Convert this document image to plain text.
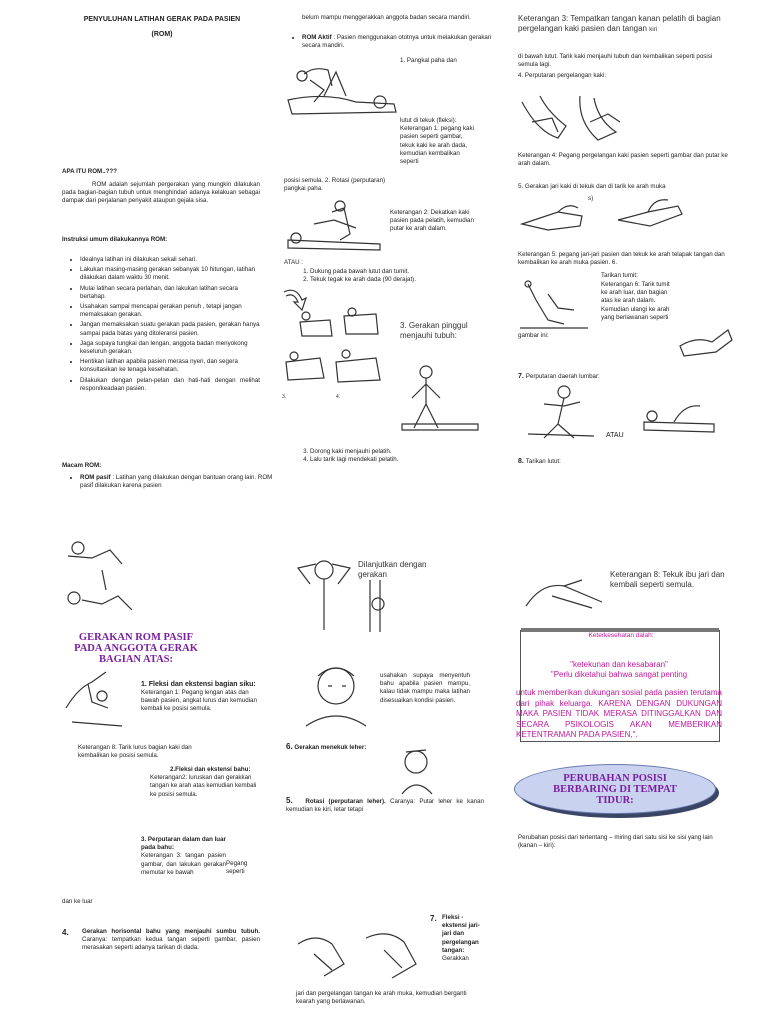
PENYULUHAN LATIHAN GERAK PADA PASIEN
(ROM)
APA ITU ROM..???
ROM adalah sejumlah pergerakan yang mungkin dilakukan pada bagian-bagian tubuh untuk menghindari adanya kelakuan sebagai dampak dari perjalanan penyakit ataupun gejala sisa.
Instruksi umum dilakukannya ROM:
• Idealnya latihan ini dilakukan sekali sehari.
• Lakukan masing-masing gerakan sebanyak 10 hitungan, latihan dilakukan dalam waktu 30 menit.
• Mulai latihan secara perlahan, dan lakukan latihan secara bertahap.
• Usahakan sampai mencapai gerakan penuh , tetapi jangan memaksakan gerakan.
• Jangan memaksakan suatu gerakan pada pasien, gerakan hanya sampai pada batas yang ditoleransi pasien.
• Jaga supaya tungkai dan lengan, anggota badan menyokong keseluruh gerakan.
• Hentikan latihan apabila pasien merasa nyeri, dan segera konsultasikan ke tenaga kesehatan.
• Dilakukan dengan pelan-pelan dan hati-hati dengan melihat respon/keadaan pasien.
Macam ROM:
• ROM pasif : Latihan yang dilakukan dengan bantuan orang lain. ROM pasif dilakukan karena pasien
belum mampu menggerakkan anggota badan secara mandiri.
• ROM Aktif : Pasien menggunakan ototnya untuk melakukan gerakan secara mandiri.
1. Pangkal paha dan
lutut di tekuk (fleksi): Keterangan 1: pegang kaki pasien seperti gambar, tekuk kaki ke arah dada, kemudian kembalikan seperti
posisi semula. 2. Rotasi (perputaran) pangkai paha.
Keterangan 2: Dekatkan kaki pasien pada pelatih, kemudian putar ke arah dalam.
ATAU :
1. Dukung pada bawah lutut dan tumit.
2. Tekuk tegak ke arah dada (90 derajat).
3.	4.
3. Gerakan pinggul menjauhi tubuh:
3. Dorong kaki menjauhi pelatih.
4. Lalu tarik lagi mendekati pelatih.
Keterangan 3: Tempatkan tangan kanan pelatih di bagian pergelangan kaki pasien dan tangan kiri
di bawah lutut. Tarik kaki menjauhi tubuh dan kembalikan seperti posisi semula lagi.
4. Perputaran pergelangan kaki:
Keterangan 4: Pegang pergelangan kaki pasien seperti gambar dan putar ke arah dalam.
5. Gerakan jari kaki di tekuk dan di tarik ke arah muka
s)
Keterangan 5: pegang jari-jari pasien dan tekuk ke arah telapak tangan dan kembalikan ke arah muka pasien. 6.
Tarikan tumit:
Keterangan 6: Tarik tumit ke arah luar, dan bagian atas ke arah dalam. Kemudian ulangi ke arah yang berlawanan seperti
gambar ini:
7. Perputaran daerah lumbar:
ATAU
8. Tarikan lutut:
GERAKAN ROM PASIF PADA ANGGOTA GERAK BAGIAN ATAS:
1. Fleksi dan ekstensi bagian siku:
Keterangan 1: Pegang lengan atas dan bawah pasien, angkat lurus dan kemudian kembali ke posisi semula.
Keterangan 8: Tarik lurus bagian kaki dan kembalikan ke posisi semula.
2.Fleksi dan ekstensi bahu:
Keterangan2: luruskan dan gerakkan tangan ke arah atas kemudian kembali ke posisi semula.
3. Perputaran dalam dan luar pada bahu:
Keterangan 3: tangan pasien gambar, dan lakukan gerakan memutar ke bawah
Pegang seperti
dan ke luar
4.	Gerakan horisontal bahu yang menjauhi sumbu tubuh. Caranya: tempatkan kedua tangan seperti gambar, pasien merasakan seperti adanya tarikan di dada.
Dilanjutkan dengan gerakan
usahakan supaya menyentuh bahu apabila pasien mampu, kalau tidak mampu maka latihan disesuaikan kondisi pasien.
6. Gerakan menekuk leher:
5. Rotasi (perputaran leher). Caranya: Putar leher ke kanan kemudian ke kiri, letar tetapi
7. Fleksi - ekstensi jari-jari dan pergelangan tangan:
Gerakkan
jari dan pergelangan tangan ke arah muka, kemudian berganti kearah yang berlawanan.
Keterangan 8: Tekuk ibu jari dan kembali seperti semula.
Keterkesehatan dalah:
"ketekunan dan kesabaran"
"Perlu diketahui bahwa sangat penting
untuk memberikan dukungan sosial pada pasien terutama dari pihak keluarga. KARENA DENGAN DUKUNGAN MAKA PASIEN TIDAK MERASA DITINGGALKAN DAN SECARA PSIKOLOGIS AKAN MEMBERIKAN KETENTRAMAN PADA PASIEN,".
PERUBAHAN POSISI BERBARING DI TEMPAT TIDUR:
Perubahan posisi dari tertentang – miring dari satu sisi ke sisi yang lain (kanan – kiri):
